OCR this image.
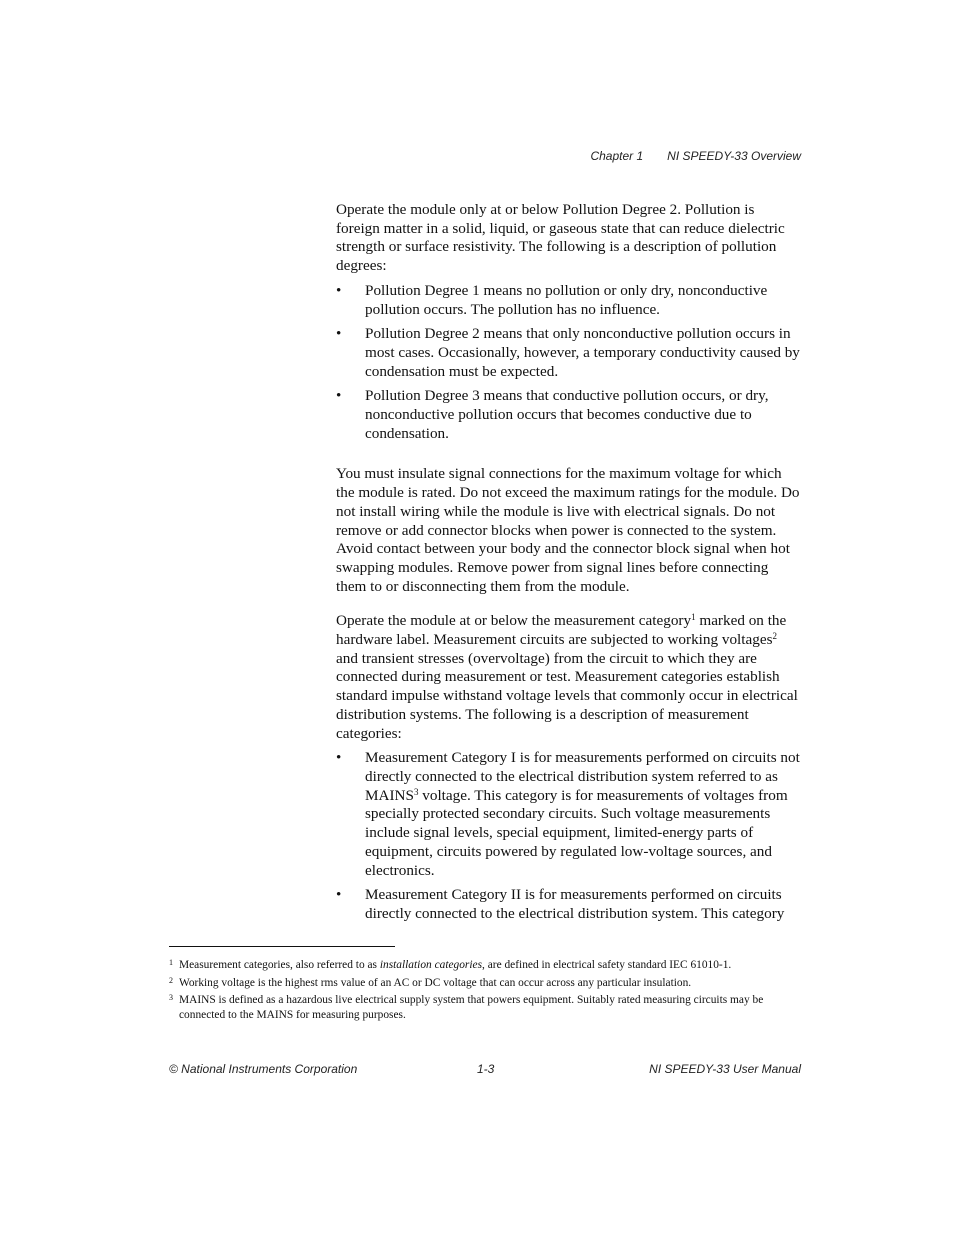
Chapter 1 NI SPEEDY-33 Overview

Operate the module only at or below Pollution Degree 2. Pollution is foreign matter in a solid, liquid, or gaseous state that can reduce dielectric strength or surface resistivity. The following is a description of pollution degrees:

• Pollution Degree 1 means no pollution or only dry, nonconductive pollution occurs. The pollution has no influence.
• Pollution Degree 2 means that only nonconductive pollution occurs in most cases. Occasionally, however, a temporary conductivity caused by condensation must be expected.
• Pollution Degree 3 means that conductive pollution occurs, or dry, nonconductive pollution occurs that becomes conductive due to condensation.

You must insulate signal connections for the maximum voltage for which the module is rated. Do not exceed the maximum ratings for the module. Do not install wiring while the module is live with electrical signals. Do not remove or add connector blocks when power is connected to the system. Avoid contact between your body and the connector block signal when hot swapping modules. Remove power from signal lines before connecting them to or disconnecting them from the module.

Operate the module at or below the measurement category$^1$ marked on the hardware label. Measurement circuits are subjected to working voltages$^2$ and transient stresses (overvoltage) from the circuit to which they are connected during measurement or test. Measurement categories establish standard impulse withstand voltage levels that commonly occur in electrical distribution systems. The following is a description of measurement categories:

• Measurement Category I is for measurements performed on circuits not directly connected to the electrical distribution system referred to as MAINS$^3$ voltage. This category is for measurements of voltages from specially protected secondary circuits. Such voltage measurements include signal levels, special equipment, limited-energy parts of equipment, circuits powered by regulated low-voltage sources, and electronics.
• Measurement Category II is for measurements performed on circuits directly connected to the electrical distribution system. This category
1 Measurement categories, also referred to as installation categories, are defined in electrical safety standard IEC 61010-1.
2 Working voltage is the highest rms value of an AC or DC voltage that can occur across any particular insulation.
3 MAINS is defined as a hazardous live electrical supply system that powers equipment. Suitably rated measuring circuits may be connected to the MAINS for measuring purposes.
© National Instruments Corporation	1-3	NI SPEEDY-33 User Manual
